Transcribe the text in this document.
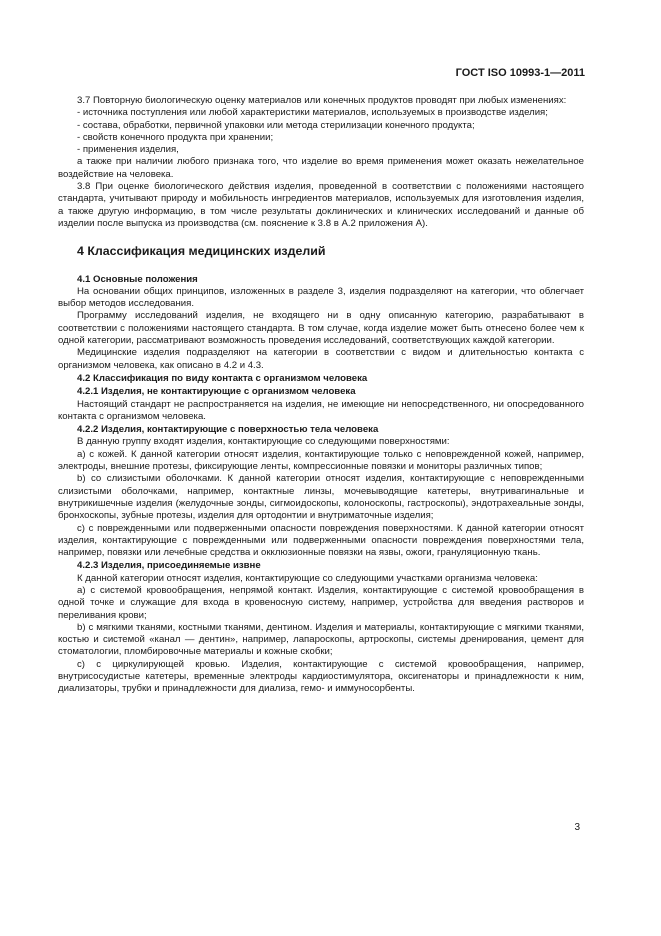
ГОСТ ISO 10993-1—2011

3.7 Повторную биологическую оценку материалов или конечных продуктов проводят при любых изменениях:

- источника поступления или любой характеристики материалов, используемых в производстве изделия;

- состава, обработки, первичной упаковки или метода стерилизации конечного продукта;

- свойств конечного продукта при хранении;

- применения изделия,

а также при наличии любого признака того, что изделие во время применения может оказать нежелательное воздействие на человека.

3.8 При оценке биологического действия изделия, проведенной в соответствии с положениями настоящего стандарта, учитывают природу и мобильность ингредиентов материалов, используемых для изготовления изделия, а также другую информацию, в том числе результаты доклинических и клинических исследований и данные об изделии после выпуска из производства (см. пояснение к 3.8 в А.2 приложения А).

4 Классификация медицинских изделий

4.1 Основные положения

На основании общих принципов, изложенных в разделе 3, изделия подразделяют на категории, что облегчает выбор методов исследования.

Программу исследований изделия, не входящего ни в одну описанную категорию, разрабатывают в соответствии с положениями настоящего стандарта. В том случае, когда изделие может быть отнесено более чем к одной категории, рассматривают возможность проведения исследований, соответствующих каждой категории.

Медицинские изделия подразделяют на категории в соответствии с видом и длительностью контакта с организмом человека, как описано в 4.2 и 4.3.

4.2 Классификация по виду контакта с организмом человека

4.2.1 Изделия, не контактирующие с организмом человека

Настоящий стандарт не распространяется на изделия, не имеющие ни непосредственного, ни опосредованного контакта с организмом человека.

4.2.2 Изделия, контактирующие с поверхностью тела человека

В данную группу входят изделия, контактирующие со следующими поверхностями:

а) с кожей. К данной категории относят изделия, контактирующие только с неповрежденной кожей, например, электроды, внешние протезы, фиксирующие ленты, компрессионные повязки и мониторы различных типов;

b) со слизистыми оболочками. К данной категории относят изделия, контактирующие с неповрежденными слизистыми оболочками, например, контактные линзы, мочевыводящие катетеры, внутривагинальные и внутрикишечные изделия (желудочные зонды, сигмоидоскопы, колоноскопы, гастроскопы), эндотрахеальные зонды, бронхоскопы, зубные протезы, изделия для ортодонтии и внутриматочные изделия;

c) с поврежденными или подверженными опасности повреждения поверхностями. К данной категории относят изделия, контактирующие с поврежденными или подверженными опасности повреждения поверхностями тела, например, повязки или лечебные средства и окклюзионные повязки на язвы, ожоги, грануляционную ткань.

4.2.3 Изделия, присоединяемые извне

К данной категории относят изделия, контактирующие со следующими участками организма человека:

а) с системой кровообращения, непрямой контакт. Изделия, контактирующие с системой кровообращения в одной точке и служащие для входа в кровеносную систему, например, устройства для введения растворов и переливания крови;

b) с мягкими тканями, костными тканями, дентином. Изделия и материалы, контактирующие с мягкими тканями, костью и системой «канал — дентин», например, лапароскопы, артроскопы, системы дренирования, цемент для стоматологии, пломбировочные материалы и кожные скобки;

c) с циркулирующей кровью. Изделия, контактирующие с системой кровообращения, например, внутрисосудистые катетеры, временные электроды кардиостимулятора, оксигенаторы и принадлежности к ним, диализаторы, трубки и принадлежности для диализа, гемо- и иммуносорбенты.

3
